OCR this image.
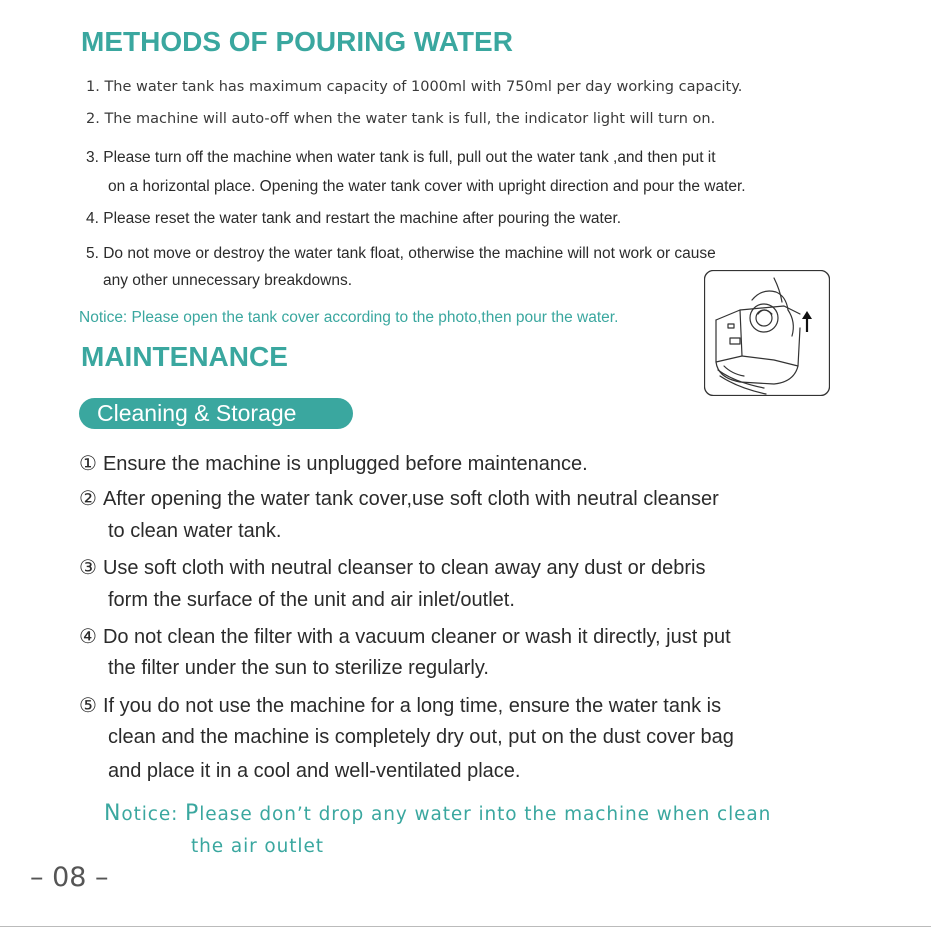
METHODS OF POURING WATER
1. The water tank has maximum capacity of 1000ml with 750ml per day working capacity.
2. The machine will auto-off when the water tank is full, the indicator light will turn on.
3. Please turn off the machine when water tank is full, pull out the water tank ,and then put it
on a horizontal place. Opening the water tank cover with upright direction and pour the water.
4. Please reset the water tank and restart the machine after pouring the water.
5. Do not move or destroy the water tank float, otherwise the machine will not work or cause
any other unnecessary breakdowns.
Notice: Please open the tank cover according to the photo,then pour the water.
MAINTENANCE
Cleaning & Storage
① Ensure the machine is unplugged before maintenance.
② After opening the water tank cover,use soft cloth with neutral cleanser
to clean water tank.
③ Use soft cloth with neutral cleanser to clean away any dust or debris
form the surface of the unit and air inlet/outlet.
④ Do not clean the filter with a vacuum cleaner or wash it directly, just put
the filter under the sun to sterilize regularly.
⑤ If you do not use the machine for a long time, ensure the water tank is
clean and the machine is completely dry out, put on the dust cover bag
and place it in a cool and well-ventilated place.
Notice: Please don’t drop any water into the machine when clean
the air outlet
– 08 –
